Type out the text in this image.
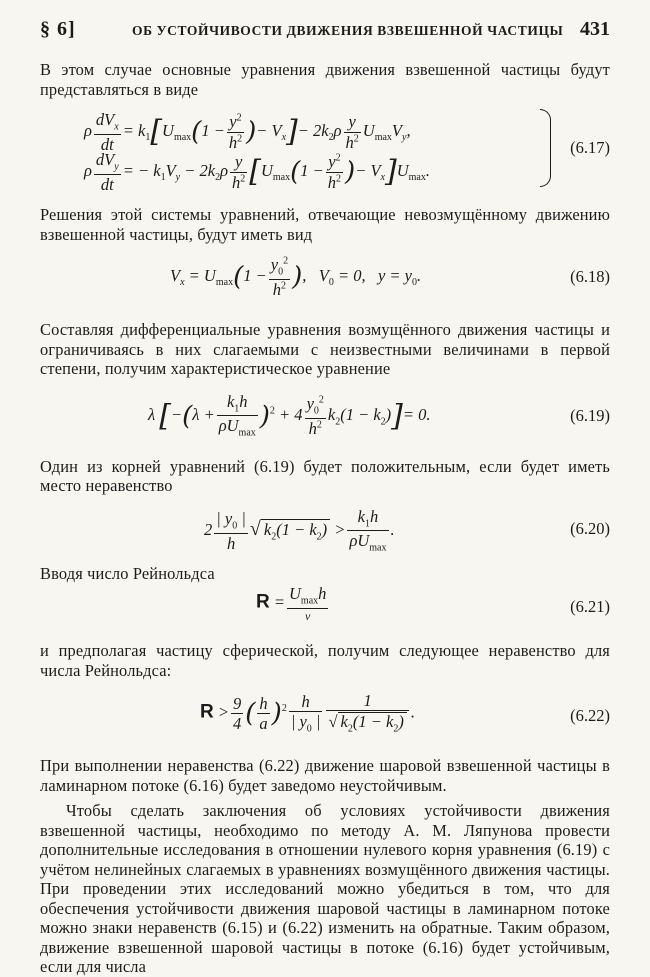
§ 6]	ОБ УСТОЙЧИВОСТИ ДВИЖЕНИЯ ВЗВЕШЕННОЙ ЧАСТИЦЫ 431

В этом случае основные уравнения движения взвешенной частицы будут представляться в виде

ρ $\frac{dV_x}{dt} = k_1[U_{max}(1 - \frac{y^2}{h^2}$ )− $V_x]- 2k_2\rho \frac{y}{h^2} U_{max}V_y$,
ρ $\frac{dV_y}{dt}$ = − $k_1V_y - 2k_2\rho \frac{y}{h^2} [U_{max}(1 - \frac{y^2}{h^2}$ )− $V_x]U_{max}$.
(6.17)

Решения этой системы уравнений, отвечающие невозмущённому движению взвешенной частицы, будут иметь вид

$V_x = U_{max}(1 - \frac{y_0^2}{h^2}$ ),   $V_0 = 0$,   $y = y_0$.	(6.18)

Составляя дифференциальные уравнения возмущённого движения частицы и ограничиваясь в них слагаемыми с неизвестными величинами в первой степени, получим характеристическое уравнение

λ $[-(\lambda + \frac{k_1h}{\rho U_{max}} )^2 + 4 \frac{y_0^2}{h^2} k_2(1 - k_2)]= 0$.	(6.19)

Один из корней уравнений (6.19) будет положительным, если будет иметь место неравенство

$2 \frac{| y_0 |}{h}$ √ $k_2(1 - k_2) > \frac{k_1h}{\rho U_{max}}$ .	(6.20)

Вводя число Рейнольдса

$R = \frac{U_{max}h}{\nu}$	(6.21)

и предполагая частицу сферической, получим следующее неравенство для числа Рейнольдса:

$R > \frac{9}{4}$ ( $\frac{h}{a} )^2 \frac{h}{| y_0 |} \frac{1}{√ k_2(1 - k_2)}$ .	(6.22)

При выполнении неравенства (6.22) движение шаровой взвешенной частицы в ламинарном потоке (6.16) будет заведомо неустойчивым.

Чтобы сделать заключения об условиях устойчивости движения взвешенной частицы, необходимо по методу А. М. Ляпунова провести дополнительные исследования в отношении нулевого корня уравнения (6.19) с учётом нелинейных слагаемых в уравнениях возмущённого движения частицы. При проведении этих исследований можно убедиться в том, что для обеспечения устойчивости движения шаровой частицы в ламинарном потоке можно знаки неравенств (6.15) и (6.22) изменить на обратные. Таким образом, движение взвешенной шаровой частицы в потоке (6.16) будет устойчивым, если для числа
